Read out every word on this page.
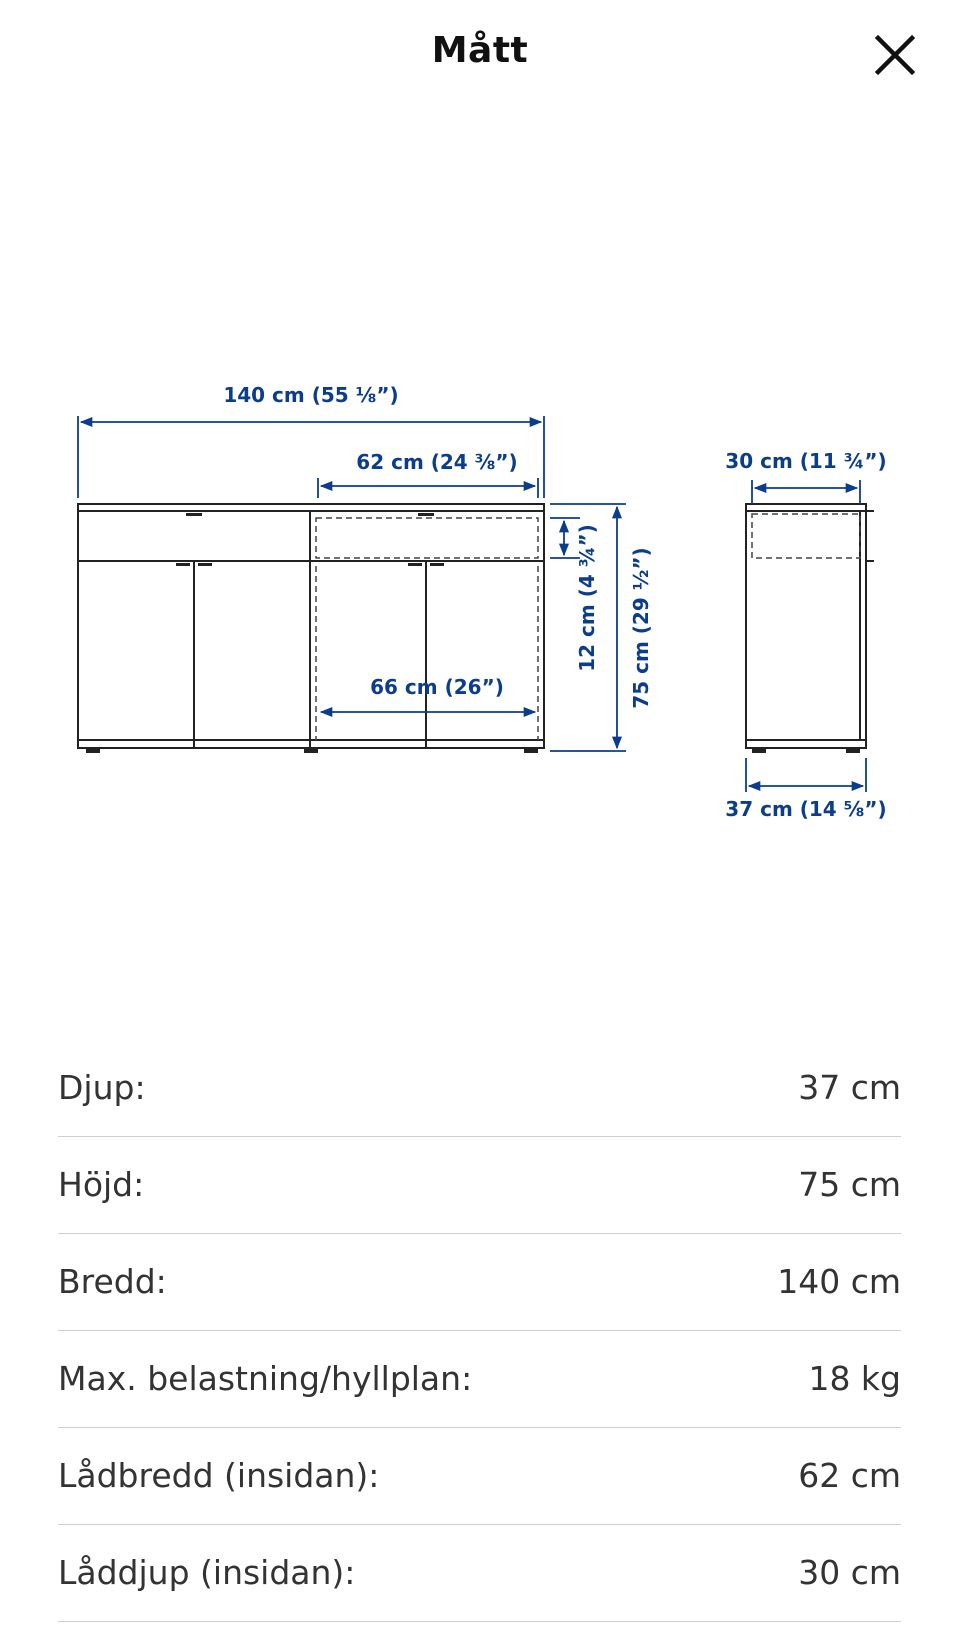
Mått
140 cm (55 ⅛”)
62 cm (24 ⅜”)
66 cm (26”)
12 cm (4 ¾”) 75 cm (29 ½”)
30 cm (11 ¾”)
37 cm (14 ⅝”)
Djup:	37 cm
Höjd:	75 cm
Bredd:	140 cm
Max. belastning/hyllplan:	18 kg
Lådbredd (insidan):	62 cm
Låddjup (insidan):	30 cm
